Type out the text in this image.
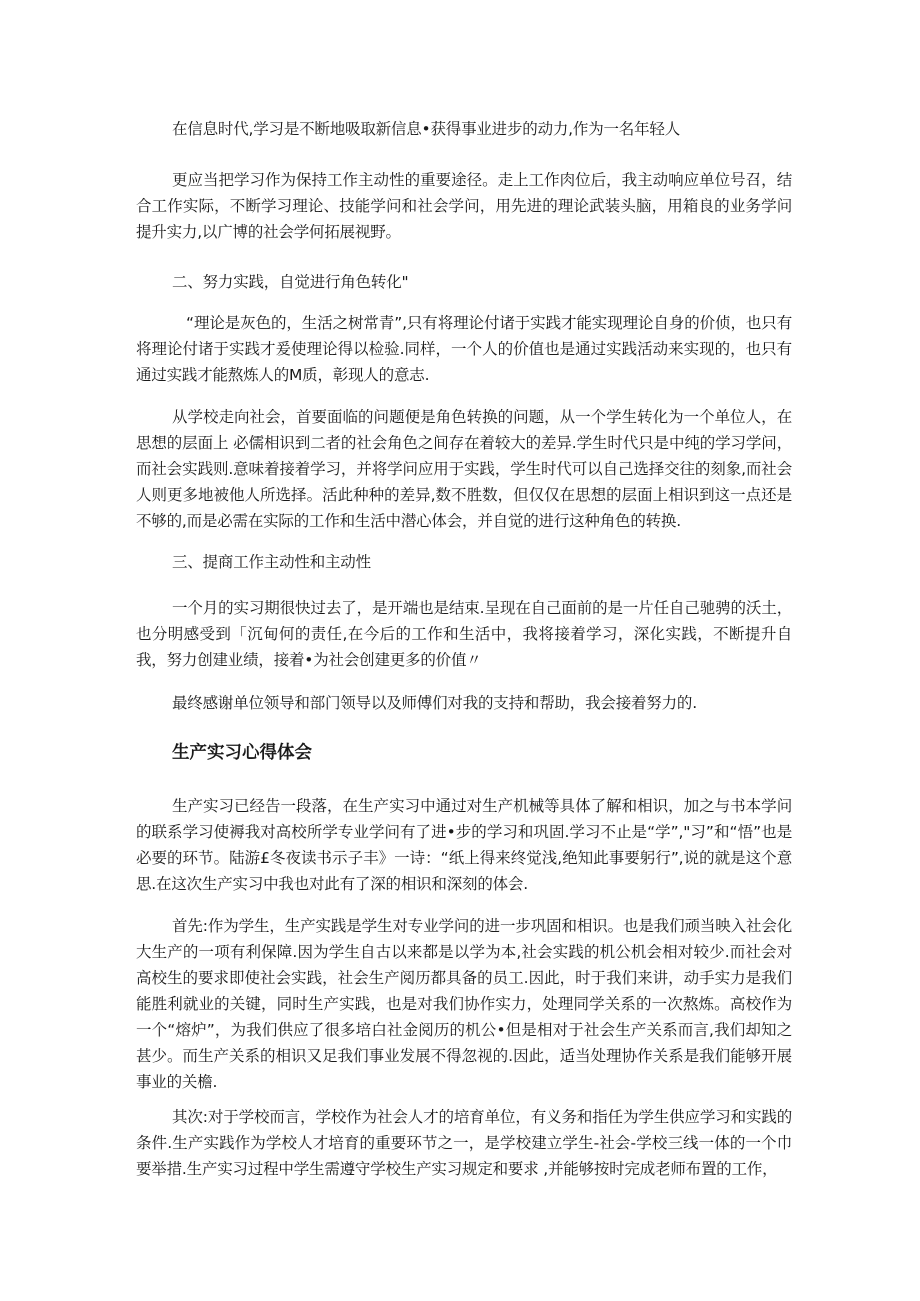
在信息时代,学习是不断地吸取新信息•获得事业进步的动力,作为一名年轻人

更应当把学习作为保持工作主动性的重要途径。走上工作肉位后，我主动响应单位号召，结合工作实际，不断学习理论、技能学问和社会学问，用先进的理论武装头脑，用箱良的业务学问提升实力,以广博的社会学何拓展视野。

二、努力实践，自觉进行角色转化"

“理论是灰色的，生活之树常青”,只有将理论付诸于实践才能实现理论自身的价侦，也只有将理论付诸于实践才爰使理论得以检验.同样，一个人的价值也是通过实践活动来实现的，也只有通过实践才能熬炼人的M质，彰现人的意志.

从学校走向社会，首要面临的问题便是角色转换的问题，从一个学生转化为一个单位人，在思想的层面上 必儒相识到二者的社会角色之间存在着较大的差异.学生时代只是中纯的学习学问，而社会实践则.意味着接着学习，并将学问应用于实践，学生时代可以自己选择交往的刻象,而社会人则更多地被他人所选择。活此种种的差异,数不胜数，但仅仅在思想的层面上相识到这一点还是不够的,而是必需在实际的工作和生活中潜心体会，并自觉的进行这种角色的转换.

三、提商工作主动性和主动性

一个月的实习期很快过去了，是开端也是结束.呈现在自己面前的是一片任自己驰骋的沃土，也分明感受到「沉甸何的责任,在今后的工作和生活中，我将接着学习，深化实践，不断提升自我，努力创建业绩，接着•为社会创建更多的价值〃

最终感谢单位领导和部门领导以及师傅们对我的支持和帮助，我会接着努力的.

生产实习心得体会

生产实习已经告一段落，在生产实习中通过对生产机械等具体了解和相识，加之与书本学问的联系学习使褥我对高校所学专业学问有了进•步的学习和巩固.学习不止是“学”,"习”和“悟”也是必要的环节。陆游£冬夜读书示子丰》一诗：“纸上得来终觉浅,绝知此事要躬行”,说的就是这个意思.在这次生产实习中我也对此有了深的相识和深刻的体会.

首先:作为学生，生产实践是学生对专业学问的进一步巩固和相识。也是我们顽当映入社会化大生产的一项有利保障.因为学生自古以来都是以学为本,社会实践的机公机会相对较少.而社会对高校生的要求即使社会实践，社会生产阅历都具备的员工.因此，时于我们来讲，动手实力是我们能胜利就业的关键，同时生产实践，也是对我们协作实力，处理同学关系的一次熬炼。高校作为一个“熔炉”，为我们供应了很多培白社金阅历的机公•但是相对于社会生产关系而言,我们却知之甚少。而生产关系的相识又足我们事业发展不得忽视的.因此，适当处理协作关系是我们能够开展事业的关檐.

其次:对于学校而言，学校作为社会人才的培育单位，有义务和指任为学生供应学习和实践的条件.生产实践作为学校人才培育的重要环节之一，是学校建立学生-社会-学校三线一体的一个巾要举措.生产实习过程中学生需遵守学校生产实习规定和要求 ,并能够按时完成老师布置的工作，
